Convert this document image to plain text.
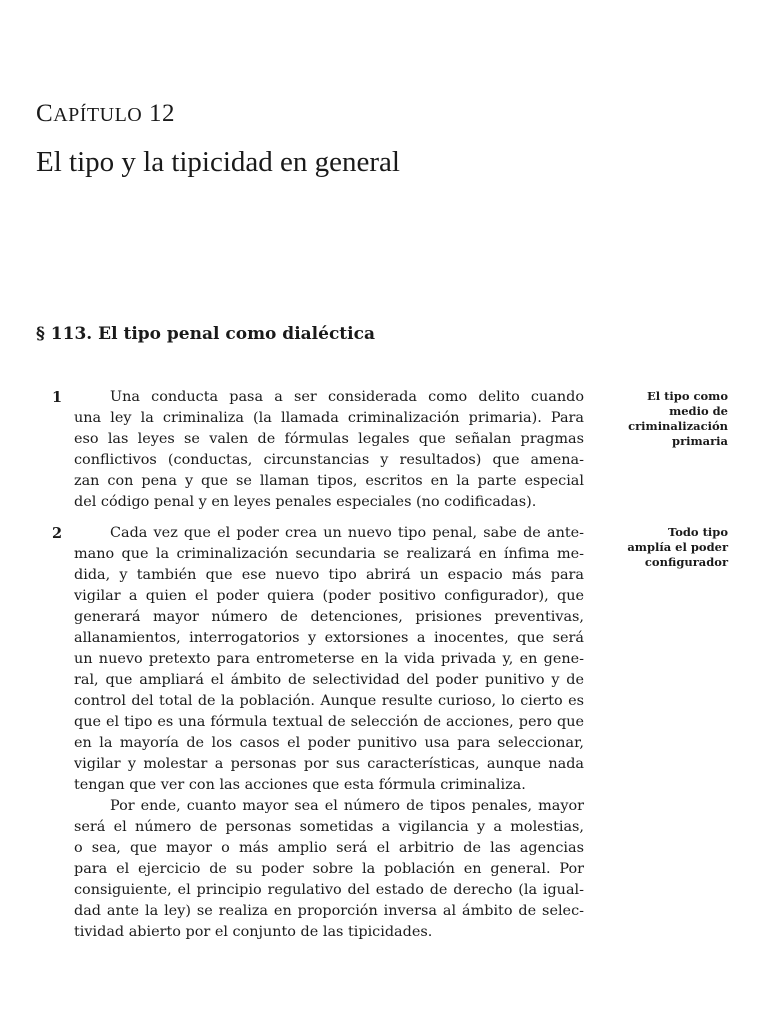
CAPÍTULO 12
El tipo y la tipicidad en general
§ 113. El tipo penal como dialéctica
1	Una conducta pasa a ser considerada como delito cuando
una ley la criminaliza (la llamada criminalización primaria). Para
eso las leyes se valen de fórmulas legales que señalan pragmas
conflictivos (conductas, circunstancias y resultados) que amena-
zan con pena y que se llaman tipos, escritos en la parte especial
del código penal y en leyes penales especiales (no codificadas).
2	Cada vez que el poder crea un nuevo tipo penal, sabe de ante-
mano que la criminalización secundaria se realizará en ínfima me-
dida, y también que ese nuevo tipo abrirá un espacio más para
vigilar a quien el poder quiera (poder positivo configurador), que
generará mayor número de detenciones, prisiones preventivas,
allanamientos, interrogatorios y extorsiones a inocentes, que será
un nuevo pretexto para entrometerse en la vida privada y, en gene-
ral, que ampliará el ámbito de selectividad del poder punitivo y de
control del total de la población. Aunque resulte curioso, lo cierto es
que el tipo es una fórmula textual de selección de acciones, pero que
en la mayoría de los casos el poder punitivo usa para seleccionar,
vigilar y molestar a personas por sus características, aunque nada
tengan que ver con las acciones que esta fórmula criminaliza.
Por ende, cuanto mayor sea el número de tipos penales, mayor
será el número de personas sometidas a vigilancia y a molestias,
o sea, que mayor o más amplio será el arbitrio de las agencias
para el ejercicio de su poder sobre la población en general. Por
consiguiente, el principio regulativo del estado de derecho (la igual-
dad ante la ley) se realiza en proporción inversa al ámbito de selec-
tividad abierto por el conjunto de las tipicidades.
El tipo como
medio de
criminalización
primaria
Todo tipo
amplía el poder
configurador
